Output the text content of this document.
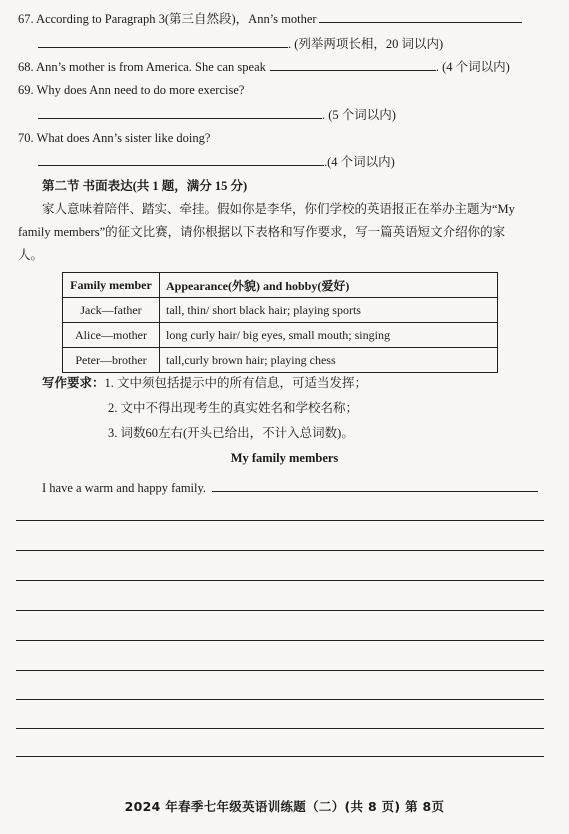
67. According to Paragraph 3(第三自然段)，Ann’s mother
. (列举两项长相，20 词以内)
68. Ann’s mother is from America. She can speak	. (4 个词以内)
69. Why does Ann need to do more exercise?
. (5 个词以内)
70. What does Ann’s sister like doing?
.(4 个词以内)
第二节 书面表达(共 1 题，满分 15 分)
家人意味着陪伴、踏实、牵挂。假如你是李华，你们学校的英语报正在举办主题为“My
family members”的征文比赛，请你根据以下表格和写作要求，写一篇英语短文介绍你的家
人。
Family member	Appearance(外貌) and hobby(爱好)
Jack—father	tall, thin/ short black hair; playing sports
Alice—mother	long curly hair/ big eyes, small mouth; singing
Peter—brother	tall,curly brown hair; playing chess
写作要求：1. 文中须包括提示中的所有信息，可适当发挥；
2. 文中不得出现考生的真实姓名和学校名称；
3. 词数60左右(开头已给出，不计入总词数)。
My family members
I have a warm and happy family.
2024 年春季七年级英语训练题（二）(共 8 页) 第 8页
